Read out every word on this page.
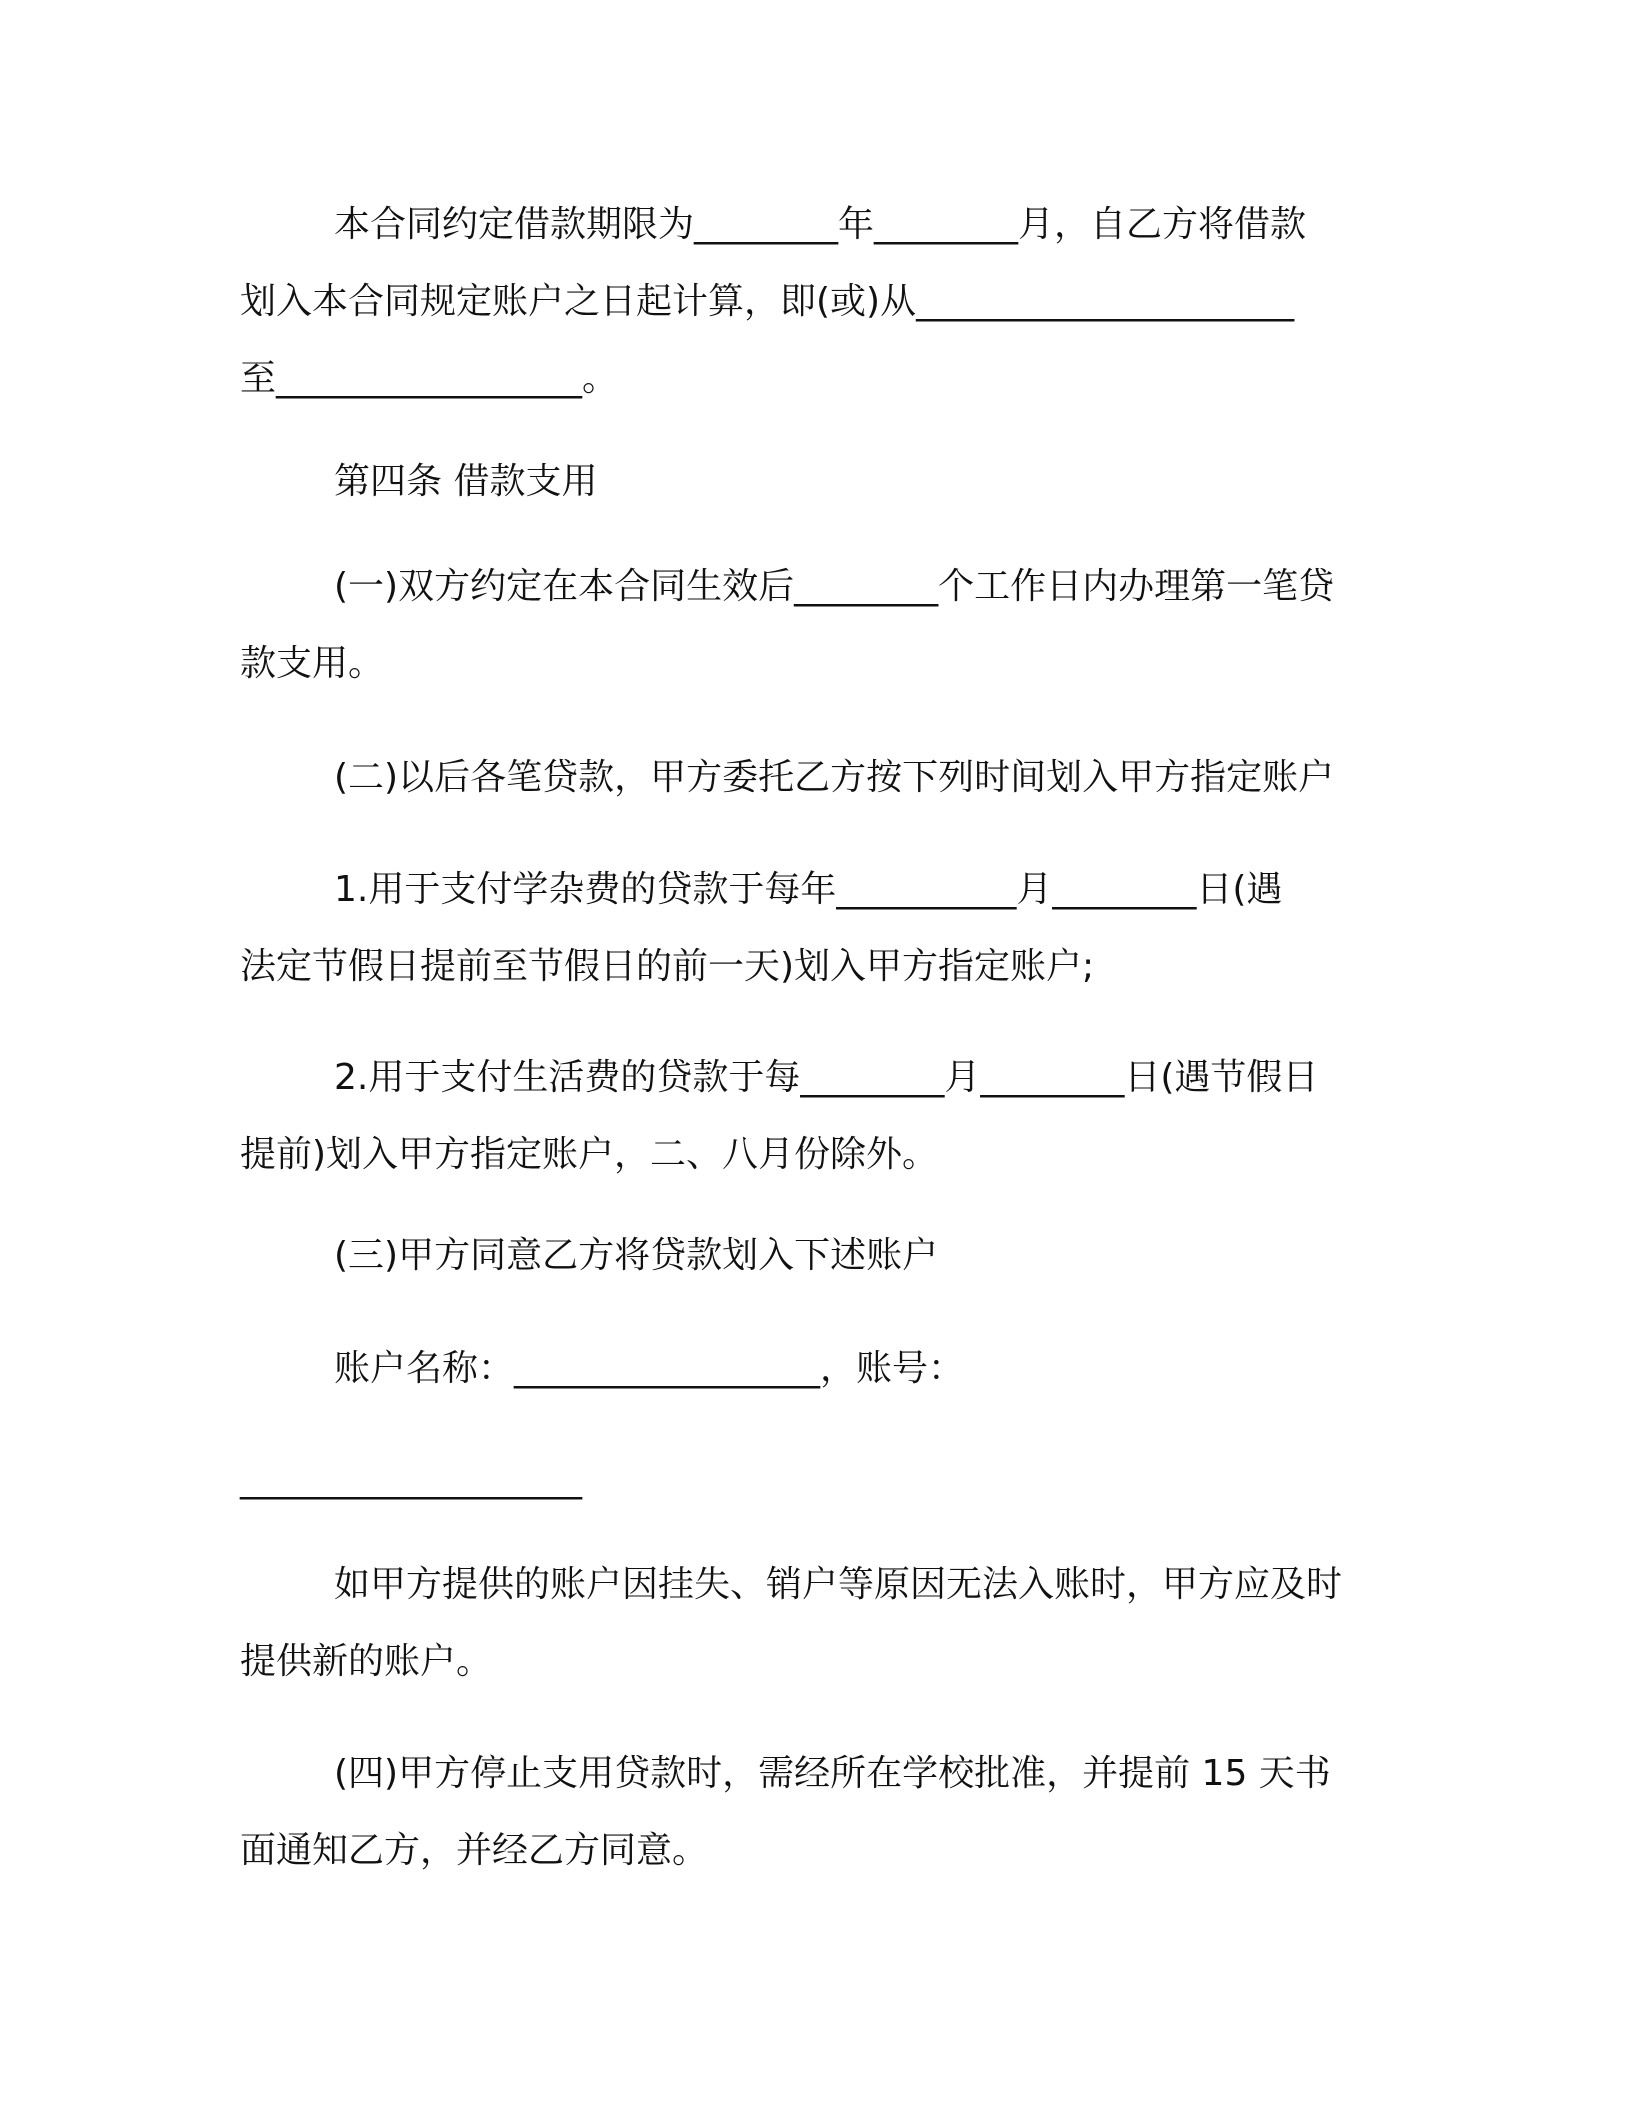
本合同约定借款期限为________年________月，自乙方将借款
划入本合同规定账户之日起计算，即(或)从_____________________
至_________________。
第四条 借款支用
(一)双方约定在本合同生效后________个工作日内办理第一笔贷
款支用。
(二)以后各笔贷款，甲方委托乙方按下列时间划入甲方指定账户
1.用于支付学杂费的贷款于每年__________月________日(遇
法定节假日提前至节假日的前一天)划入甲方指定账户;
2.用于支付生活费的贷款于每________月________日(遇节假日
提前)划入甲方指定账户，二、八月份除外。
(三)甲方同意乙方将贷款划入下述账户
账户名称：_________________，账号：
___________________
如甲方提供的账户因挂失、销户等原因无法入账时，甲方应及时
提供新的账户。
(四)甲方停止支用贷款时，需经所在学校批准，并提前 15 天书
面通知乙方，并经乙方同意。
